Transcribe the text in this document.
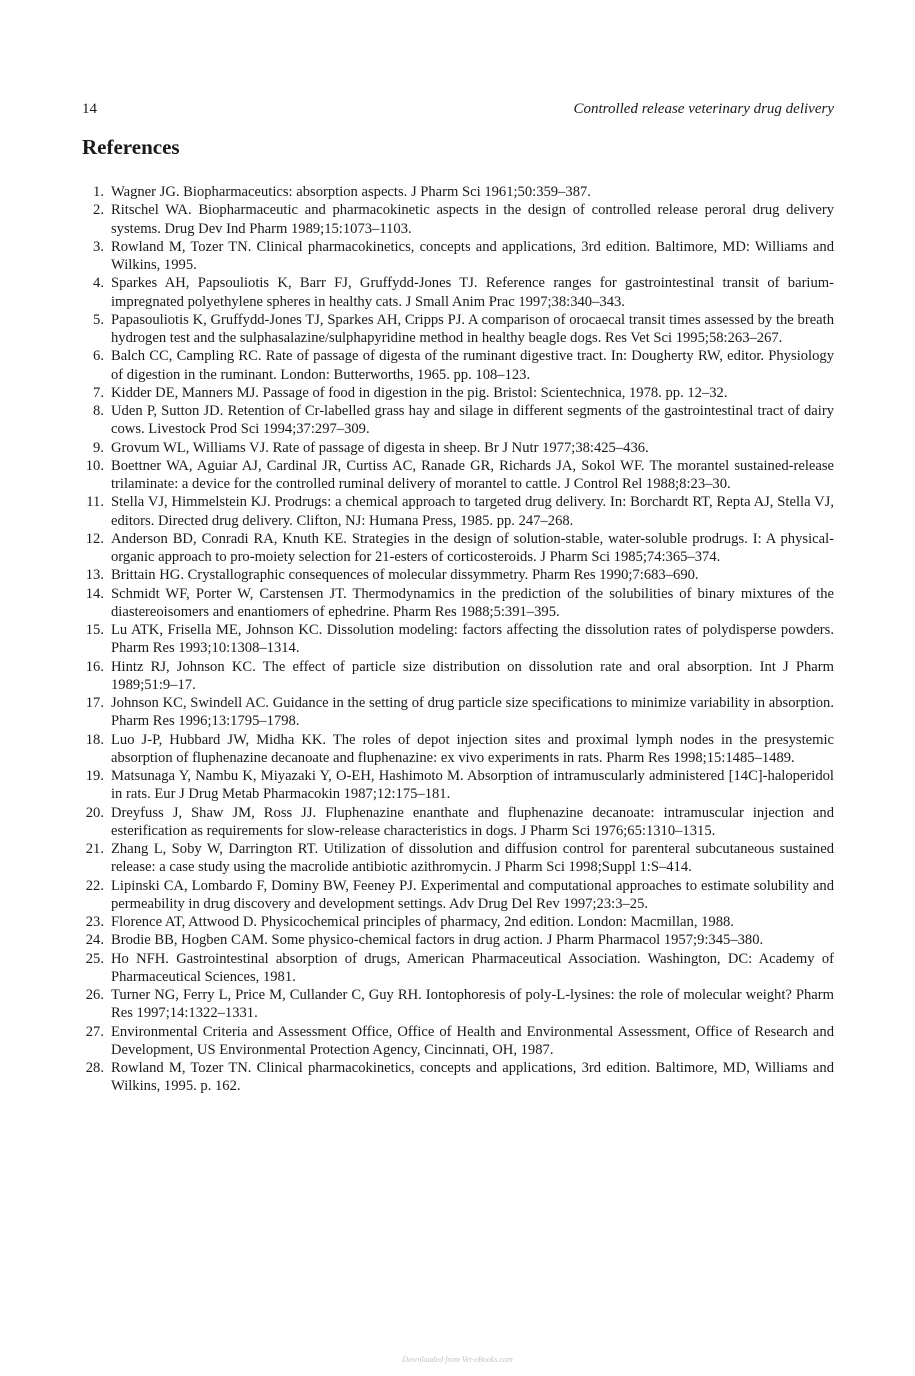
14	Controlled release veterinary drug delivery
References
1. Wagner JG. Biopharmaceutics: absorption aspects. J Pharm Sci 1961;50:359–387.
2. Ritschel WA. Biopharmaceutic and pharmacokinetic aspects in the design of controlled release peroral drug delivery systems. Drug Dev Ind Pharm 1989;15:1073–1103.
3. Rowland M, Tozer TN. Clinical pharmacokinetics, concepts and applications, 3rd edition. Baltimore, MD: Williams and Wilkins, 1995.
4. Sparkes AH, Papsouliotis K, Barr FJ, Gruffydd-Jones TJ. Reference ranges for gastrointestinal transit of barium-impregnated polyethylene spheres in healthy cats. J Small Anim Prac 1997;38:340–343.
5. Papasouliotis K, Gruffydd-Jones TJ, Sparkes AH, Cripps PJ. A comparison of orocaecal transit times assessed by the breath hydrogen test and the sulphasalazine/sulphapyridine method in healthy beagle dogs. Res Vet Sci 1995;58:263–267.
6. Balch CC, Campling RC. Rate of passage of digesta of the ruminant digestive tract. In: Dougherty RW, editor. Physiology of digestion in the ruminant. London: Butterworths, 1965. pp. 108–123.
7. Kidder DE, Manners MJ. Passage of food in digestion in the pig. Bristol: Scientechnica, 1978. pp. 12–32.
8. Uden P, Sutton JD. Retention of Cr-labelled grass hay and silage in different segments of the gastrointestinal tract of dairy cows. Livestock Prod Sci 1994;37:297–309.
9. Grovum WL, Williams VJ. Rate of passage of digesta in sheep. Br J Nutr 1977;38:425–436.
10. Boettner WA, Aguiar AJ, Cardinal JR, Curtiss AC, Ranade GR, Richards JA, Sokol WF. The morantel sustained-release trilaminate: a device for the controlled ruminal delivery of morantel to cattle. J Control Rel 1988;8:23–30.
11. Stella VJ, Himmelstein KJ. Prodrugs: a chemical approach to targeted drug delivery. In: Borchardt RT, Repta AJ, Stella VJ, editors. Directed drug delivery. Clifton, NJ: Humana Press, 1985. pp. 247–268.
12. Anderson BD, Conradi RA, Knuth KE. Strategies in the design of solution-stable, water-soluble prodrugs. I: A physical-organic approach to pro-moiety selection for 21-esters of corticosteroids. J Pharm Sci 1985;74:365–374.
13. Brittain HG. Crystallographic consequences of molecular dissymmetry. Pharm Res 1990;7:683–690.
14. Schmidt WF, Porter W, Carstensen JT. Thermodynamics in the prediction of the solubilities of binary mixtures of the diastereoisomers and enantiomers of ephedrine. Pharm Res 1988;5:391–395.
15. Lu ATK, Frisella ME, Johnson KC. Dissolution modeling: factors affecting the dissolution rates of polydisperse powders. Pharm Res 1993;10:1308–1314.
16. Hintz RJ, Johnson KC. The effect of particle size distribution on dissolution rate and oral absorption. Int J Pharm 1989;51:9–17.
17. Johnson KC, Swindell AC. Guidance in the setting of drug particle size specifications to minimize variability in absorption. Pharm Res 1996;13:1795–1798.
18. Luo J-P, Hubbard JW, Midha KK. The roles of depot injection sites and proximal lymph nodes in the presystemic absorption of fluphenazine decanoate and fluphenazine: ex vivo experiments in rats. Pharm Res 1998;15:1485–1489.
19. Matsunaga Y, Nambu K, Miyazaki Y, O-EH, Hashimoto M. Absorption of intramuscularly administered [14C]-haloperidol in rats. Eur J Drug Metab Pharmacokin 1987;12:175–181.
20. Dreyfuss J, Shaw JM, Ross JJ. Fluphenazine enanthate and fluphenazine decanoate: intramuscular injection and esterification as requirements for slow-release characteristics in dogs. J Pharm Sci 1976;65:1310–1315.
21. Zhang L, Soby W, Darrington RT. Utilization of dissolution and diffusion control for parenteral subcutaneous sustained release: a case study using the macrolide antibiotic azithromycin. J Pharm Sci 1998;Suppl 1:S–414.
22. Lipinski CA, Lombardo F, Dominy BW, Feeney PJ. Experimental and computational approaches to estimate solubility and permeability in drug discovery and development settings. Adv Drug Del Rev 1997;23:3–25.
23. Florence AT, Attwood D. Physicochemical principles of pharmacy, 2nd edition. London: Macmillan, 1988.
24. Brodie BB, Hogben CAM. Some physico-chemical factors in drug action. J Pharm Pharmacol 1957;9:345–380.
25. Ho NFH. Gastrointestinal absorption of drugs, American Pharmaceutical Association. Washington, DC: Academy of Pharmaceutical Sciences, 1981.
26. Turner NG, Ferry L, Price M, Cullander C, Guy RH. Iontophoresis of poly-L-lysines: the role of molecular weight? Pharm Res 1997;14:1322–1331.
27. Environmental Criteria and Assessment Office, Office of Health and Environmental Assessment, Office of Research and Development, US Environmental Protection Agency, Cincinnati, OH, 1987.
28. Rowland M, Tozer TN. Clinical pharmacokinetics, concepts and applications, 3rd edition. Baltimore, MD, Williams and Wilkins, 1995. p. 162.
Downloaded from Vet-eBooks.com
